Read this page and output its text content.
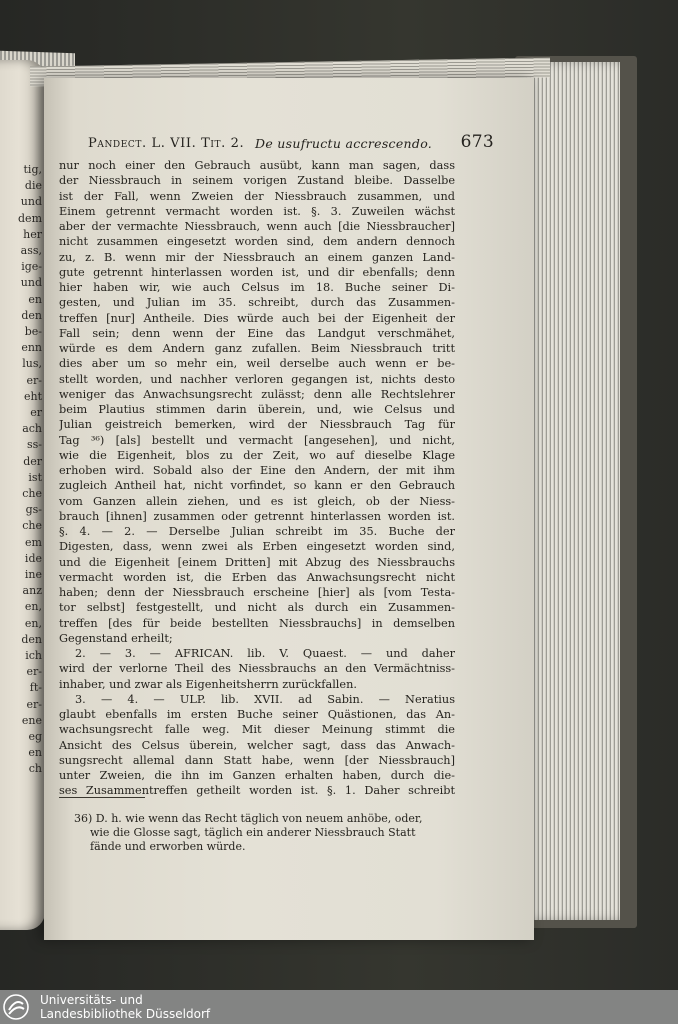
tig,
die
und
dem
her
ass,
ige-
und
en
den
be-
enn
lus,
er-
eht
er
ach
ss-
der
ist
che
gs-
che
em
ide
ine
anz
en,
en,
den
ich
er-
ft-
er-
ene
eg
en
ch
Pandect. L. VII. Tit. 2. De usufructu accrescendo. 673
nur noch einer den Gebrauch ausübt, kann man sagen, dass
der Niessbrauch in seinem vorigen Zustand bleibe. Dasselbe
ist der Fall, wenn Zweien der Niessbrauch zusammen, und
Einem getrennt vermacht worden ist. §. 3. Zuweilen wächst
aber der vermachte Niessbrauch, wenn auch [die Niessbraucher]
nicht zusammen eingesetzt worden sind, dem andern dennoch
zu, z. B. wenn mir der Niessbrauch an einem ganzen Land-
gute getrennt hinterlassen worden ist, und dir ebenfalls; denn
hier haben wir, wie auch Celsus im 18. Buche seiner Di-
gesten, und Julian im 35. schreibt, durch das Zusammen-
treffen [nur] Antheile. Dies würde auch bei der Eigenheit der
Fall sein; denn wenn der Eine das Landgut verschmähet,
würde es dem Andern ganz zufallen. Beim Niessbrauch tritt
dies aber um so mehr ein, weil derselbe auch wenn er be-
stellt worden, und nachher verloren gegangen ist, nichts desto
weniger das Anwachsungsrecht zulässt; denn alle Rechtslehrer
beim Plautius stimmen darin überein, und, wie Celsus und
Julian geistreich bemerken, wird der Niessbrauch Tag für
Tag ³⁶) [als] bestellt und vermacht [angesehen], und nicht,
wie die Eigenheit, blos zu der Zeit, wo auf dieselbe Klage
erhoben wird. Sobald also der Eine den Andern, der mit ihm
zugleich Antheil hat, nicht vorfindet, so kann er den Gebrauch
vom Ganzen allein ziehen, und es ist gleich, ob der Niess-
brauch [ihnen] zusammen oder getrennt hinterlassen worden ist.
§. 4. — 2. — Derselbe Julian schreibt im 35. Buche der
Digesten, dass, wenn zwei als Erben eingesetzt worden sind,
und die Eigenheit [einem Dritten] mit Abzug des Niessbrauchs
vermacht worden ist, die Erben das Anwachsungsrecht nicht
haben; denn der Niessbrauch erscheine [hier] als [vom Testa-
tor selbst] festgestellt, und nicht als durch ein Zusammen-
treffen [des für beide bestellten Niessbrauchs] in demselben
Gegenstand erheilt;
2. — 3. — AFRICAN. lib. V. Quaest. — und daher
wird der verlorne Theil des Niessbrauchs an den Vermächtniss-
inhaber, und zwar als Eigenheitsherrn zurückfallen.
3. — 4. — ULP. lib. XVII. ad Sabin. — Neratius
glaubt ebenfalls im ersten Buche seiner Quästionen, das An-
wachsungsrecht falle weg. Mit dieser Meinung stimmt die
Ansicht des Celsus überein, welcher sagt, dass das Anwach-
sungsrecht allemal dann Statt habe, wenn [der Niessbrauch]
unter Zweien, die ihn im Ganzen erhalten haben, durch die-
ses Zusammentreffen getheilt worden ist. §. 1. Daher schreibt
36) D. h. wie wenn das Recht täglich von neuem anhöbe, oder,
wie die Glosse sagt, täglich ein anderer Niessbrauch Statt
fände und erworben würde.
Universitäts- und
Landesbibliothek Düsseldorf
